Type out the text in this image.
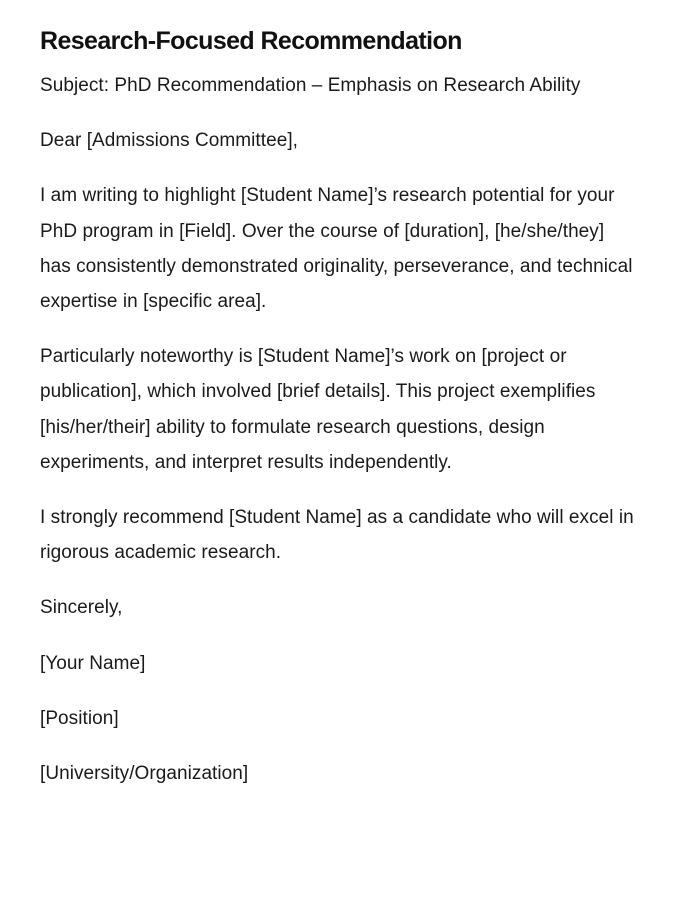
Research-Focused Recommendation

Subject: PhD Recommendation – Emphasis on Research Ability

Dear [Admissions Committee],

I am writing to highlight [Student Name]’s research potential for your PhD program in [Field]. Over the course of [duration], [he/she/they] has consistently demonstrated originality, perseverance, and technical expertise in [specific area].

Particularly noteworthy is [Student Name]’s work on [project or publication], which involved [brief details]. This project exemplifies [his/her/their] ability to formulate research questions, design experiments, and interpret results independently.

I strongly recommend [Student Name] as a candidate who will excel in rigorous academic research.

Sincerely,

[Your Name]

[Position]

[University/Organization]
